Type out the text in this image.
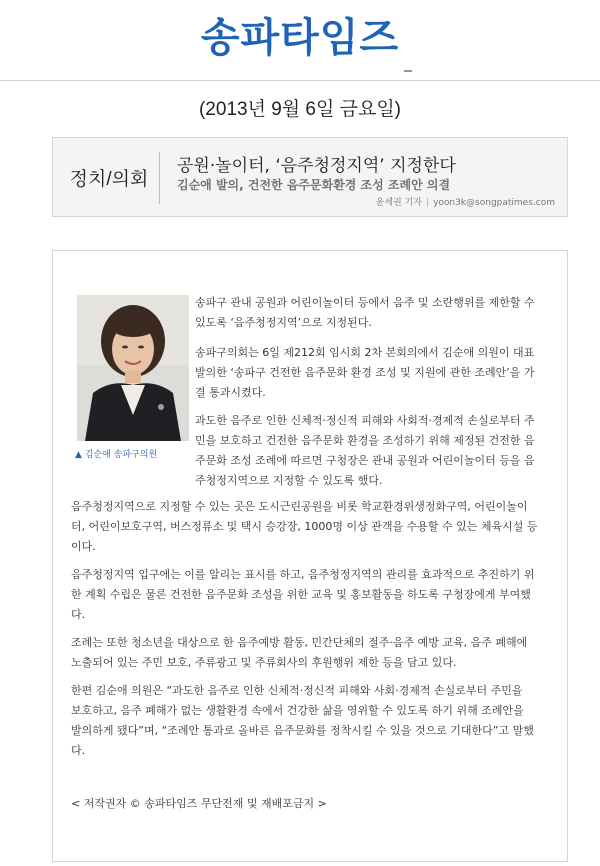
송파타임즈
(2013년 9월 6일 금요일)
정치/의회
공원·놀이터, ‘음주청정지역’ 지정한다
김순애 발의, 건전한 음주문화환경 조성 조례안 의결
윤세권 기자 | yoon3k@songpatimes.com
▲ 김순애 송파구의원
송파구 관내 공원과 어린이놀이터 등에서 음주 및 소란행위를 제한할 수
있도록 ‘음주청정지역’으로 지정된다.
송파구의회는 6일 제212회 임시회 2차 본회의에서 김순애 의원이 대표
발의한 ‘송파구 건전한 음주문화 환경 조성 및 지원에 관한 조례안’을 가
결 통과시켰다.
과도한 음주로 인한 신체적·정신적 피해와 사회적·경제적 손실로부터 주
민을 보호하고 건전한 음주문화 환경을 조성하기 위해 제정된 건전한 음
주문화 조성 조례에 따르면 구청장은 관내 공원과 어린이놀이터 등을 음
주청정지역으로 지정할 수 있도록 했다.
음주청정지역으로 지정할 수 있는 곳은 도시근린공원을 비롯 학교환경위생정화구역, 어린이놀이
터, 어린이보호구역, 버스정류소 및 택시 승강장, 1000명 이상 관객을 수용할 수 있는 체육시설 등
이다.
음주청정지역 입구에는 이를 알리는 표시를 하고, 음주청정지역의 관리를 효과적으로 추진하기 위
한 계획 수립은 물론 건전한 음주문화 조성을 위한 교육 및 홍보활동을 하도록 구청장에게 부여했
다.
조례는 또한 청소년을 대상으로 한 음주예방 활동, 민간단체의 절주·음주 예방 교육, 음주 폐해에
노출되어 있는 주민 보호, 주류광고 및 주류회사의 후원행위 제한 등을 담고 있다.
한편 김순애 의원은 “과도한 음주로 인한 신체적·정신적 피해와 사회·경제적 손실로부터 주민을
보호하고, 음주 폐해가 없는 생활환경 속에서 건강한 삶을 영위할 수 있도록 하기 위해 조례안을
발의하게 됐다”며, “조례안 통과로 올바른 음주문화를 정착시킬 수 있을 것으로 기대한다”고 말했
다.
< 저작권자 © 송파타임즈 무단전재 및 재배포금지 >
